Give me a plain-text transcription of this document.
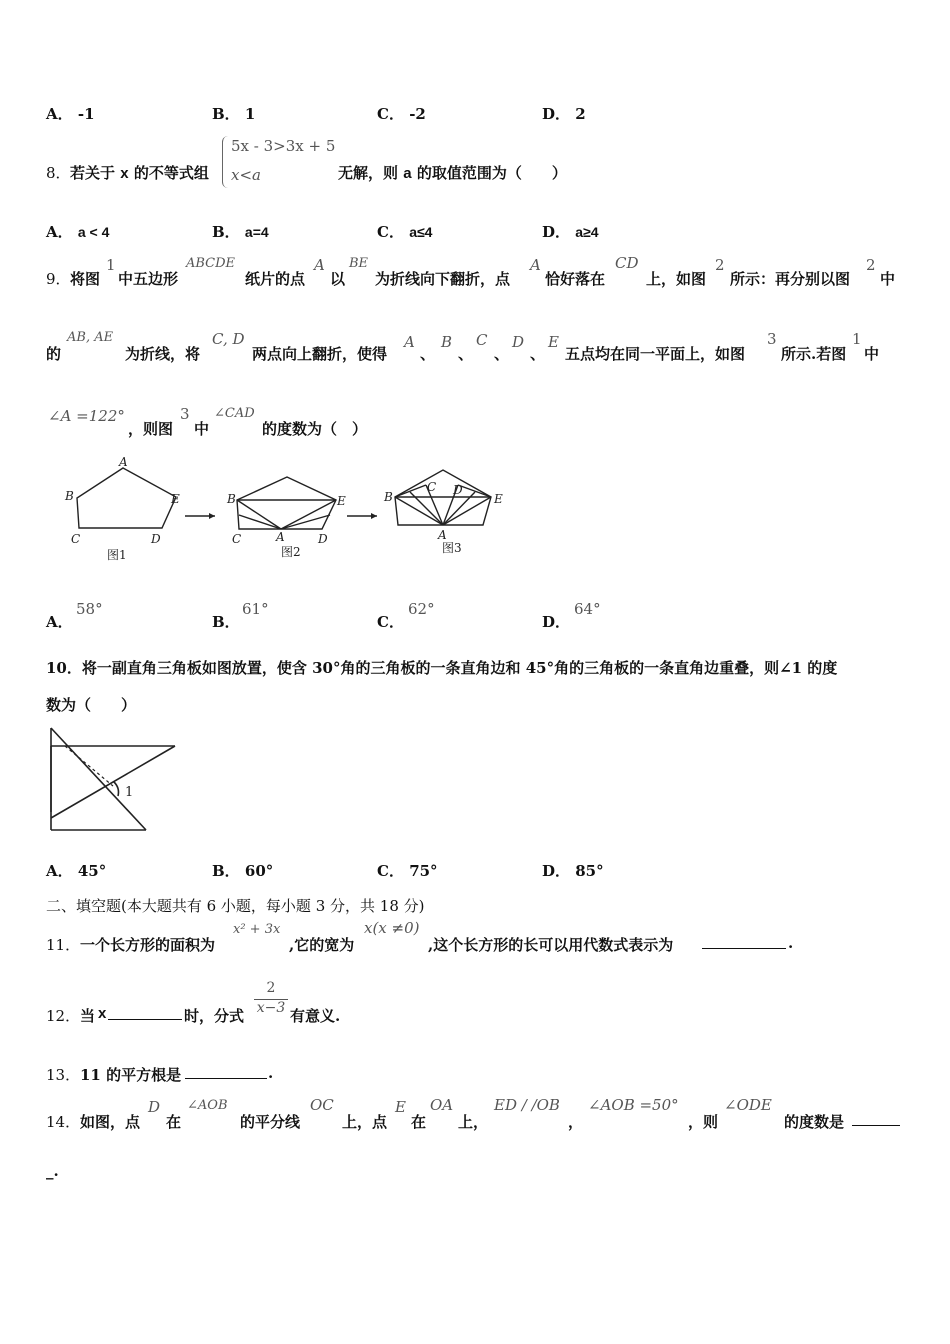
A． -1	B． 1	C． -2	D． 2
8． 若关于 x 的不等式组
5x - 3>3x + 5
x<a	无解，则 a 的取值范围为（　　）
A． a < 4	B． a=4	C． a≤4	D． a≥4
9． 将图
1
中五边形
ABCDE
纸片的点
A
以
BE
为折线向下翻折，点
A
恰好落在
CD
上，如图
2
所示：再分别以图
2
中
的
AB, AE
为折线，将
C, D
两点向上翻折，使得
A
、
B
、
C
、
D
、
E
五点均在同一平面上，如图
3
所示.若图
1
中
∠A =122°
，则图
3
中
∠CAD
的度数为（　）
A
B	E
C	D
B	E
C	A	D
B
C D
E
A
图1	图2	图3
A．
58°
B．
61°
C．
62°
D．
64°
10．将一副直角三角板如图放置，使含 30°角的三角板的一条直角边和 45°角的三角板的一条直角边重叠，则∠1 的度
数为（　　）
1
A． 45°	B． 60°	C． 75°	D． 85°
二、填空题(本大题共有 6 小题，每小题 3 分，共 18 分)
11． 一个长方形的面积为
x² + 3x
,它的宽为
x(x ≠0)
,这个长方形的长可以用代数式表示为	.
12． 当 x	时，分式
2
x−3 有意义.
13． 11 的平方根是	.
14． 如图，点
D
在
∠AOB
的平分线
OC
上，点
E
在
OA
上，
ED / /OB
，
∠AOB =50°
，则
∠ODE
的度数是
_.
